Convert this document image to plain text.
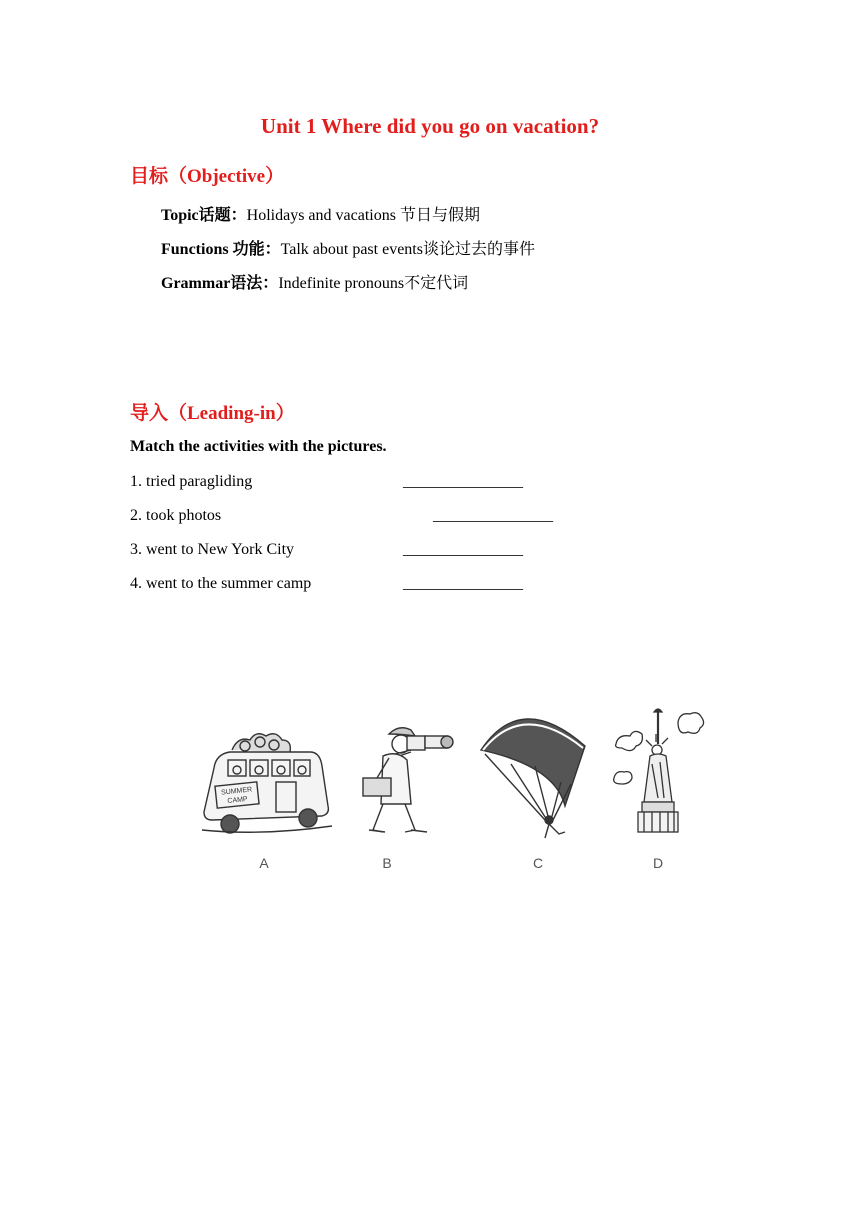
Unit 1 Where did you go on vacation?
目标（Objective）
Topic话题：Holidays and vacations 节日与假期
Functions 功能：Talk about past events谈论过去的事件
Grammar语法：Indefinite pronouns不定代词
导入（Leading-in）
Match the activities with the pictures.
1. tried paragliding	_______________
2. took photos	_______________
3. went to New York City	_______________
4. went to the summer camp	_______________
SUMMER
CAMP
A	B	C	D
